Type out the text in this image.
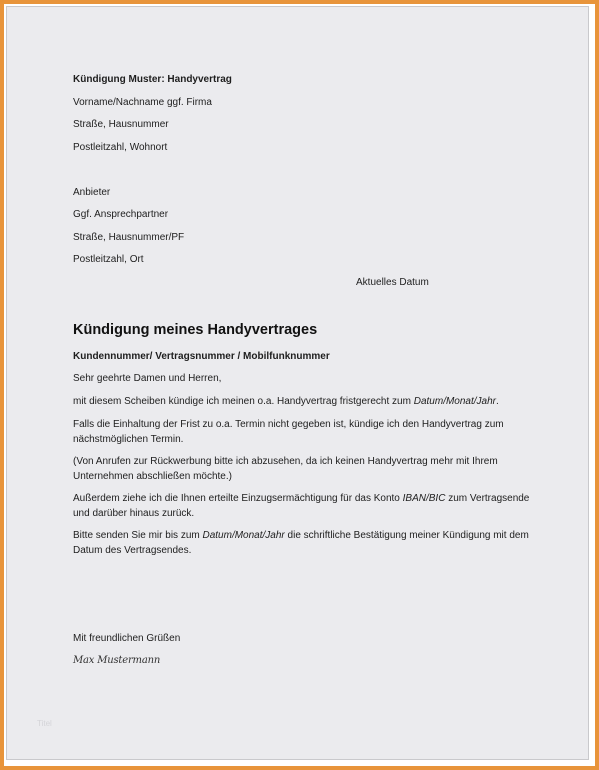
Kündigung Muster: Handyvertrag

Vorname/Nachname ggf. Firma

Straße, Hausnummer

Postleitzahl, Wohnort

Anbieter

Ggf. Ansprechpartner

Straße, Hausnummer/PF

Postleitzahl, Ort

Aktuelles Datum

Kündigung meines Handyvertrages

Kundennummer/ Vertragsnummer / Mobilfunknummer

Sehr geehrte Damen und Herren,

mit diesem Scheiben kündige ich meinen o.a. Handyvertrag fristgerecht zum Datum/Monat/Jahr.

Falls die Einhaltung der Frist zu o.a. Termin nicht gegeben ist, kündige ich den Handyvertrag zum nächstmöglichen Termin.

(Von Anrufen zur Rückwerbung bitte ich abzusehen, da ich keinen Handyvertrag mehr mit Ihrem Unternehmen abschließen möchte.)

Außerdem ziehe ich die Ihnen erteilte Einzugsermächtigung für das Konto IBAN/BIC zum Vertragsende und darüber hinaus zurück.

Bitte senden Sie mir bis zum Datum/Monat/Jahr die schriftliche Bestätigung meiner Kündigung mit dem Datum des Vertragsendes.

Mit freundlichen Grüßen

Max Mustermann
Titel
